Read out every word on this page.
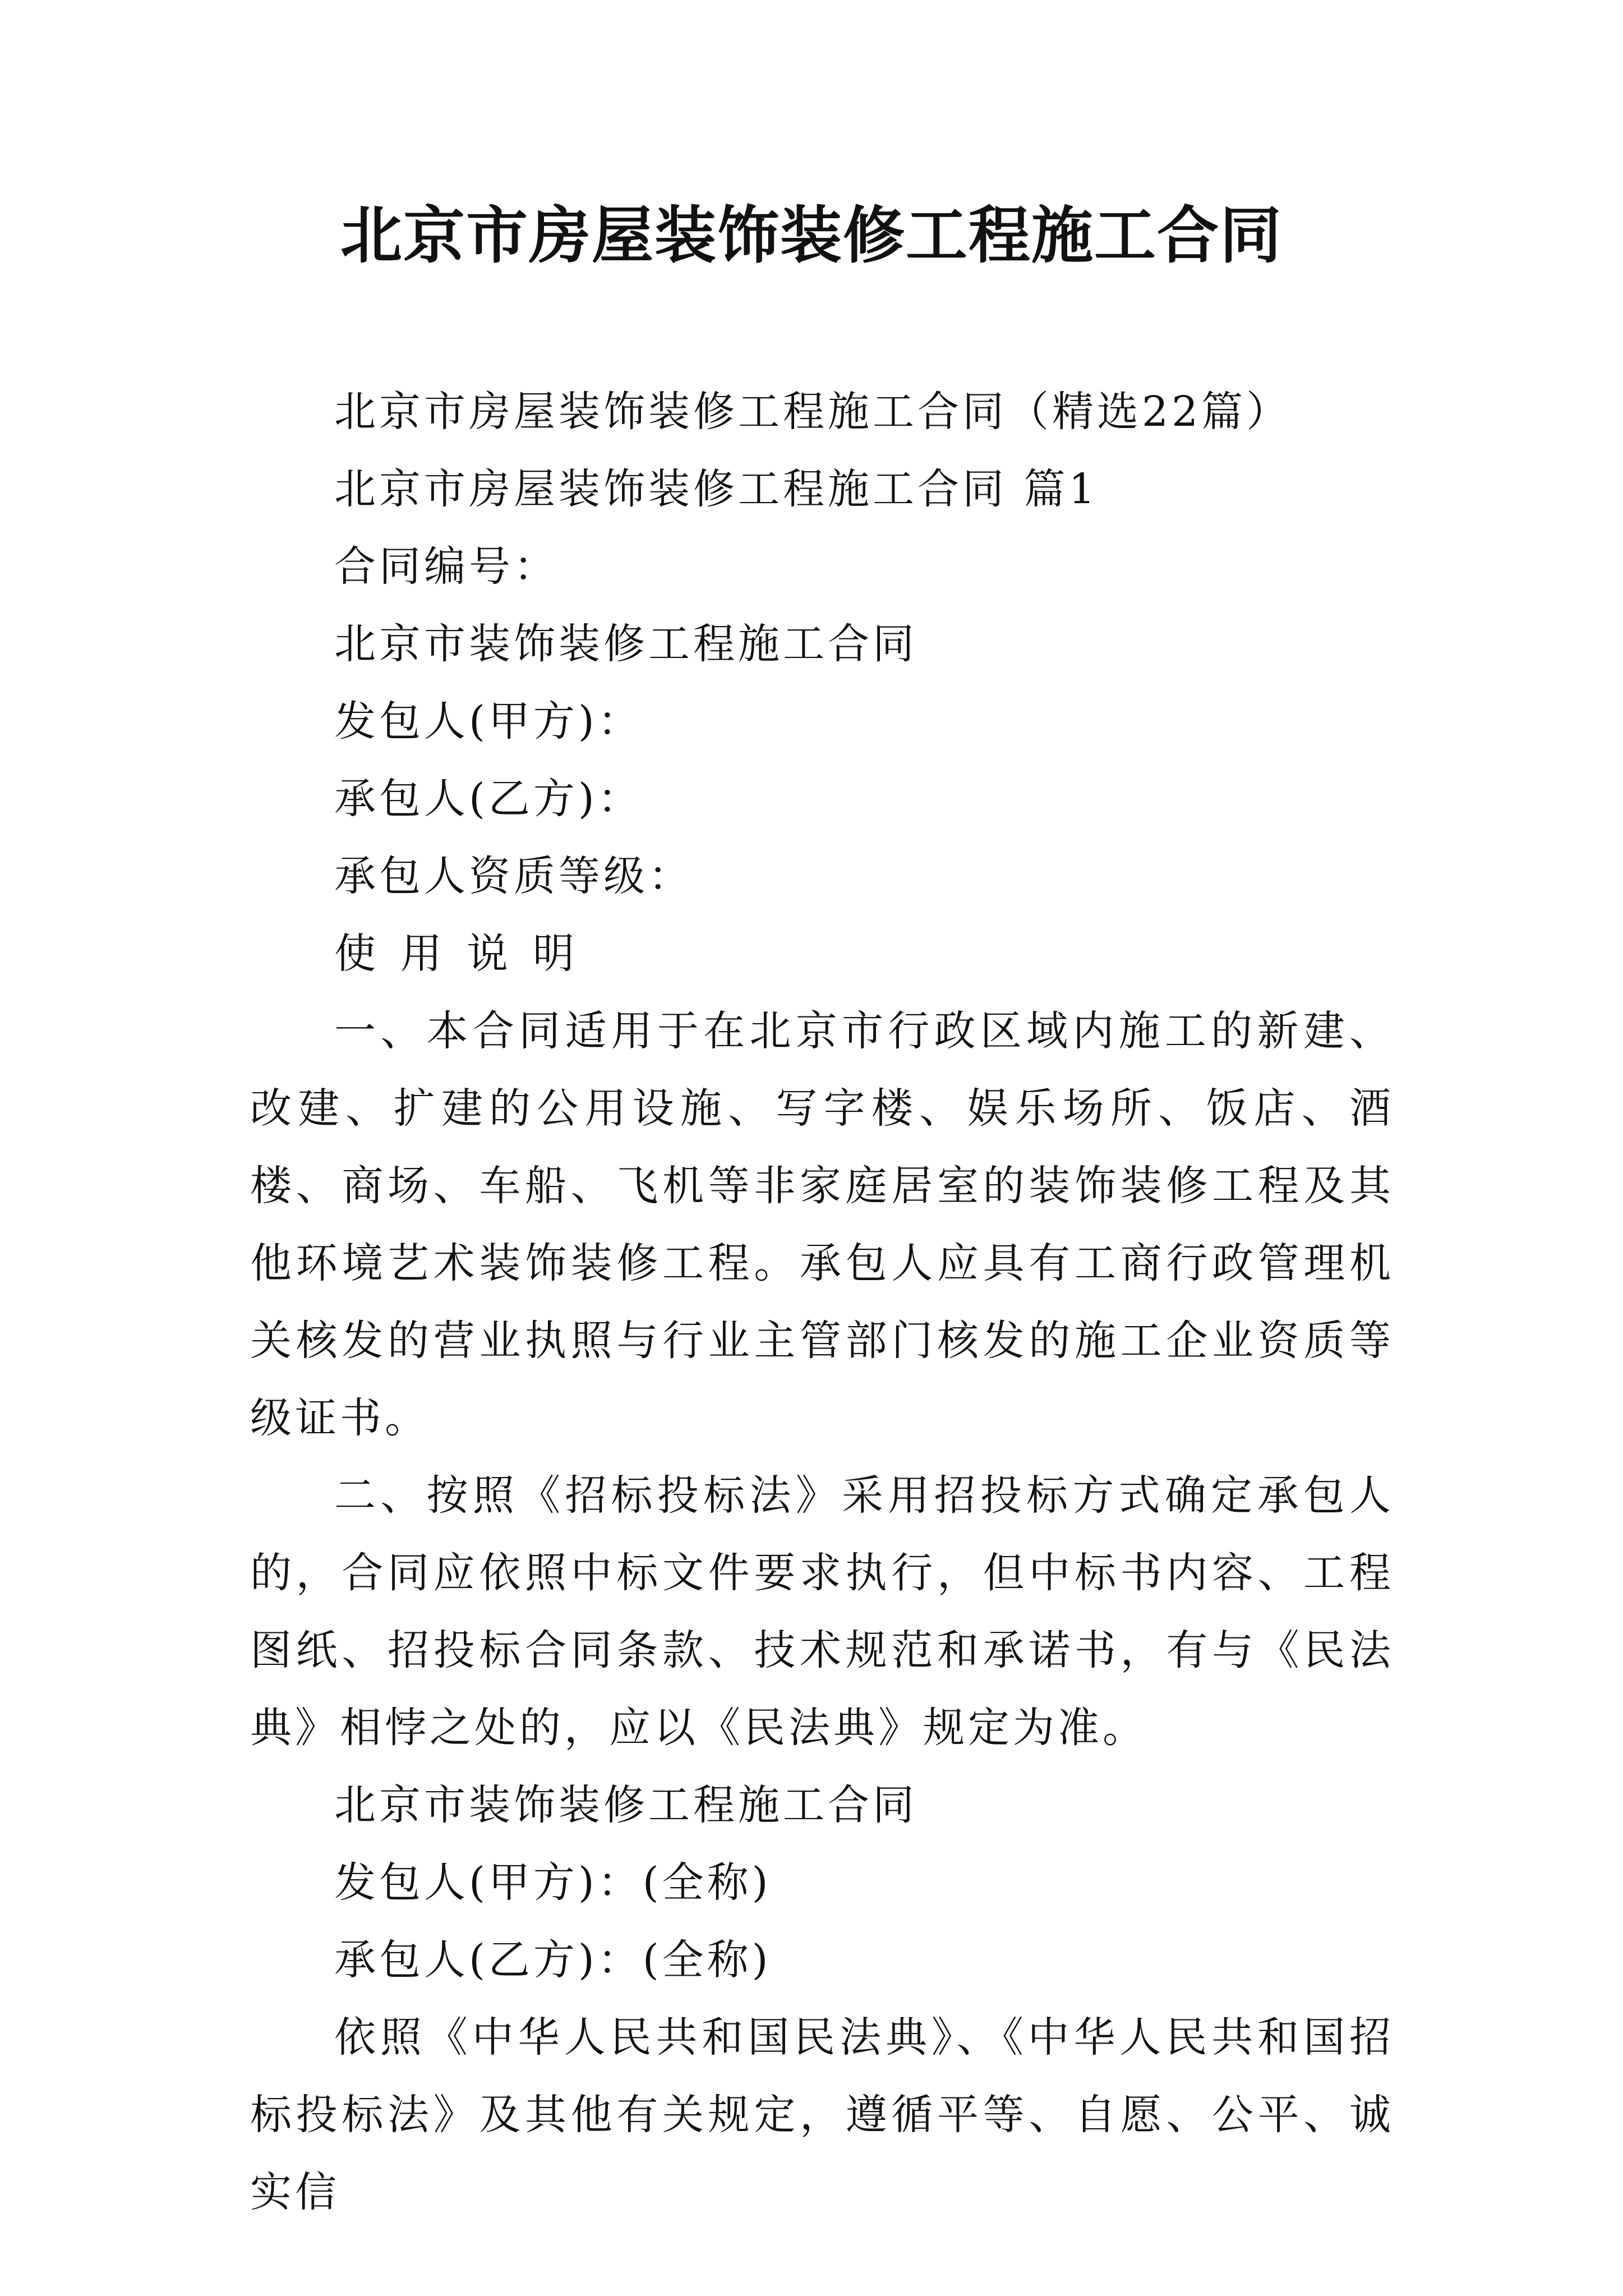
北京市房屋装饰装修工程施工合同

北京市房屋装饰装修工程施工合同（精选22篇）

北京市房屋装饰装修工程施工合同 篇1

合同编号：

北京市装饰装修工程施工合同

发包人(甲方)：

承包人(乙方)：

承包人资质等级：

使用说明

一、本合同适用于在北京市行政区域内施工的新建、改建、扩建的公用设施、写字楼、娱乐场所、饭店、酒楼、商场、车船、飞机等非家庭居室的装饰装修工程及其他环境艺术装饰装修工程。承包人应具有工商行政管理机关核发的营业执照与行业主管部门核发的施工企业资质等级证书。

二、按照《招标投标法》采用招投标方式确定承包人的，合同应依照中标文件要求执行，但中标书内容、工程图纸、招投标合同条款、技术规范和承诺书，有与《民法典》相悖之处的，应以《民法典》规定为准。

北京市装饰装修工程施工合同

发包人(甲方)：(全称)

承包人(乙方)：(全称)

依照《中华人民共和国民法典》、《中华人民共和国招标投标法》及其他有关规定，遵循平等、自愿、公平、诚实信
